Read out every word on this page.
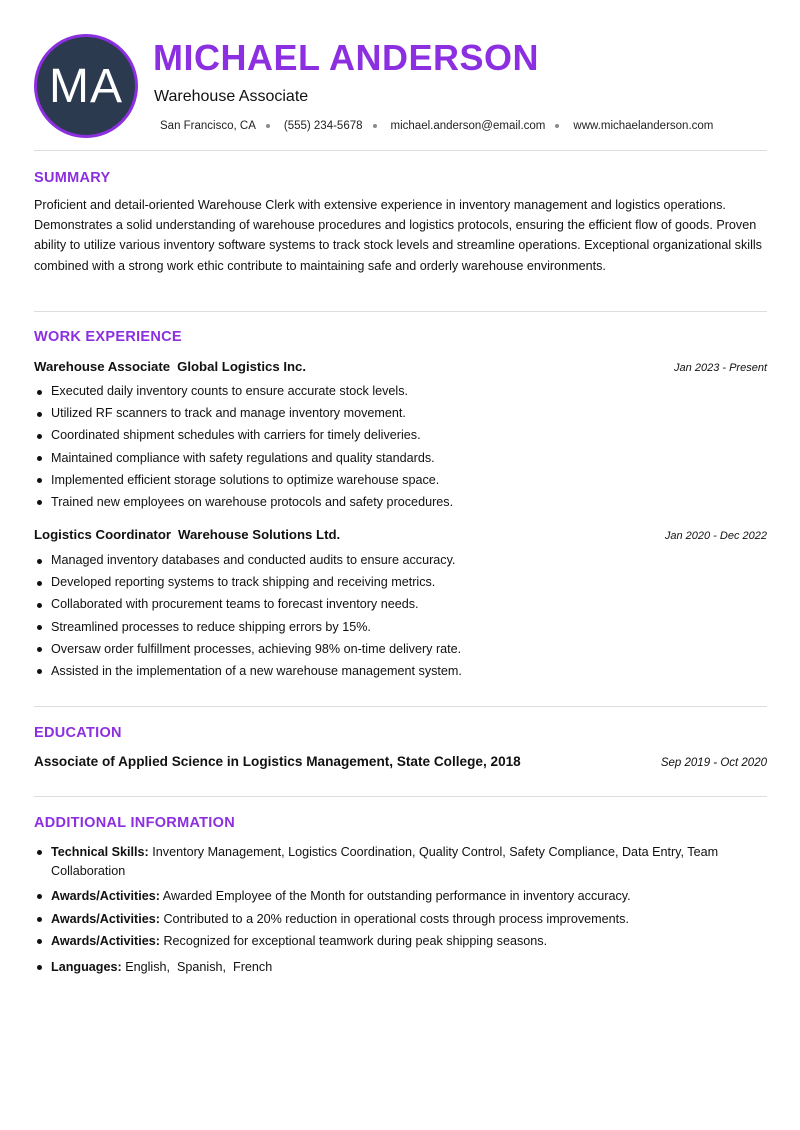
MA
MICHAEL ANDERSON
Warehouse Associate
San Francisco, CA (555) 234-5678 michael.anderson@email.com www.michaelanderson.com
SUMMARY
Proficient and detail-oriented Warehouse Clerk with extensive experience in inventory management and logistics operations. Demonstrates a solid understanding of warehouse procedures and logistics protocols, ensuring the efficient flow of goods. Proven ability to utilize various inventory software systems to track stock levels and streamline operations. Exceptional organizational skills combined with a strong work ethic contribute to maintaining safe and orderly warehouse environments.
WORK EXPERIENCE
Warehouse Associate Global Logistics Inc.	Jan 2023 - Present
Executed daily inventory counts to ensure accurate stock levels.
Utilized RF scanners to track and manage inventory movement.
Coordinated shipment schedules with carriers for timely deliveries.
Maintained compliance with safety regulations and quality standards.
Implemented efficient storage solutions to optimize warehouse space.
Trained new employees on warehouse protocols and safety procedures.
Logistics Coordinator Warehouse Solutions Ltd.	Jan 2020 - Dec 2022
Managed inventory databases and conducted audits to ensure accuracy.
Developed reporting systems to track shipping and receiving metrics.
Collaborated with procurement teams to forecast inventory needs.
Streamlined processes to reduce shipping errors by 15%.
Oversaw order fulfillment processes, achieving 98% on-time delivery rate.
Assisted in the implementation of a new warehouse management system.
EDUCATION
Associate of Applied Science in Logistics Management, State College, 2018	Sep 2019 - Oct 2020
ADDITIONAL INFORMATION
Technical Skills: Inventory Management, Logistics Coordination, Quality Control, Safety Compliance, Data Entry, Team Collaboration
Awards/Activities: Awarded Employee of the Month for outstanding performance in inventory accuracy.
Awards/Activities: Contributed to a 20% reduction in operational costs through process improvements.
Awards/Activities: Recognized for exceptional teamwork during peak shipping seasons.
Languages: English ,  Spanish ,  French
